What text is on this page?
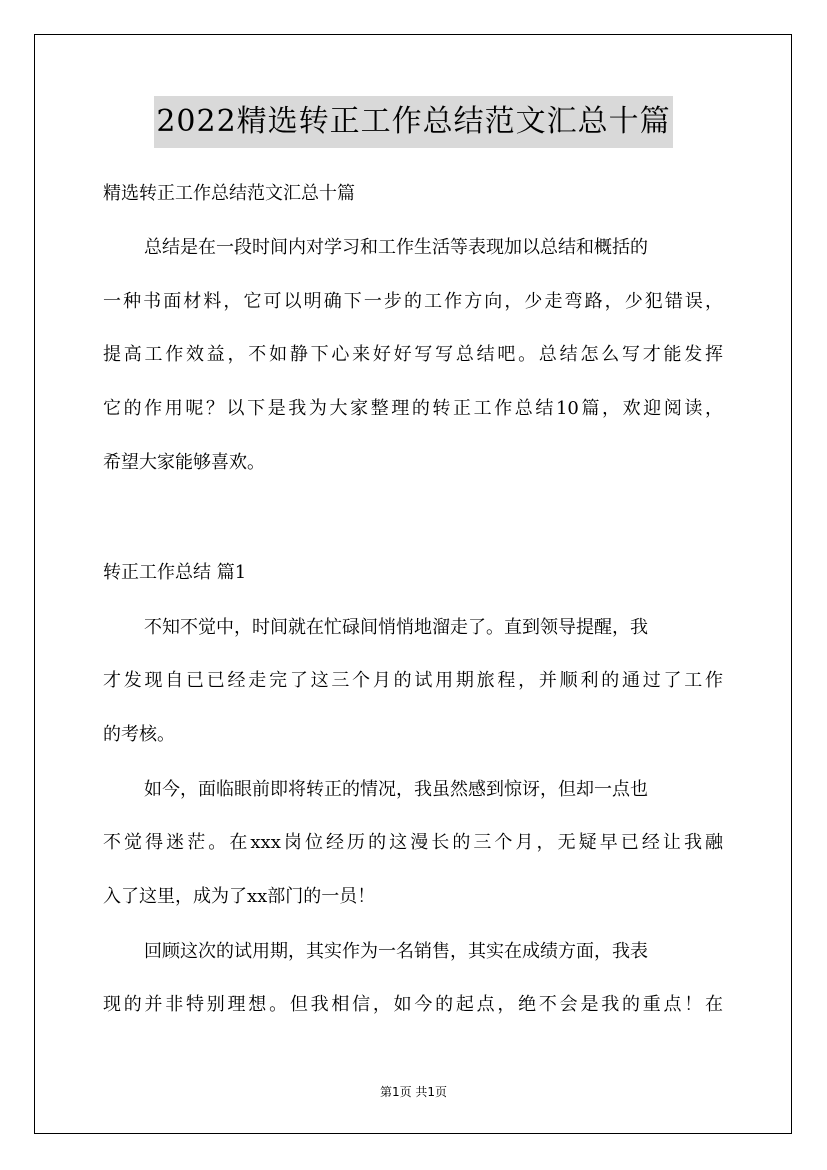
2022精选转正工作总结范文汇总十篇
精选转正工作总结范文汇总十篇
总结是在一段时间内对学习和工作生活等表现加以总结和概括的
一种书面材料，它可以明确下一步的工作方向，少走弯路，少犯错误，
提高工作效益，不如静下心来好好写写总结吧。总结怎么写才能发挥
它的作用呢？以下是我为大家整理的转正工作总结10篇，欢迎阅读，
希望大家能够喜欢。
转正工作总结 篇1
不知不觉中，时间就在忙碌间悄悄地溜走了。直到领导提醒，我
才发现自已已经走完了这三个月的试用期旅程，并顺利的通过了工作
的考核。
如今，面临眼前即将转正的情况，我虽然感到惊讶，但却一点也
不觉得迷茫。在xxx岗位经历的这漫长的三个月，无疑早已经让我融
入了这里，成为了xx部门的一员！
回顾这次的试用期，其实作为一名销售，其实在成绩方面，我表
现的并非特别理想。但我相信，如今的起点，绝不会是我的重点！在
第1页 共1页
